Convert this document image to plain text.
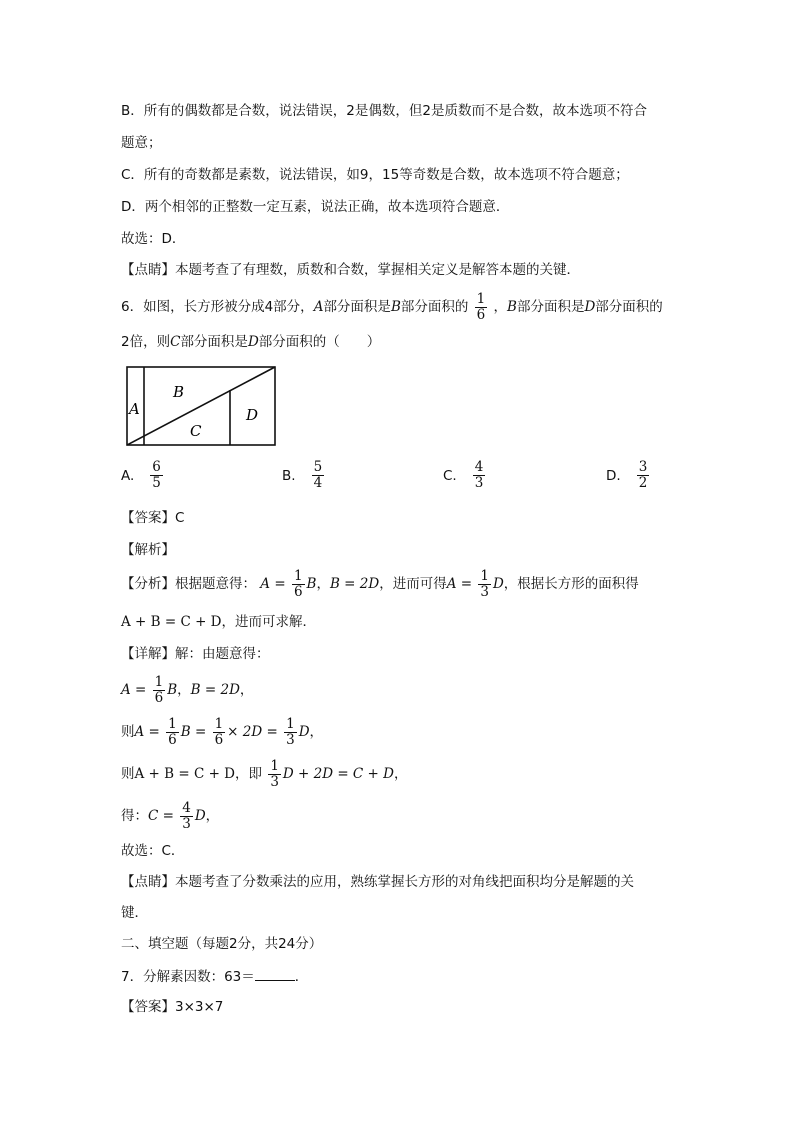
B．所有的偶数都是合数，说法错误，2是偶数，但2是质数而不是合数，故本选项不符合
题意；
C．所有的奇数都是素数，说法错误，如9，15等奇数是合数，故本选项不符合题意；
D．两个相邻的正整数一定互素，说法正确，故本选项符合题意．
故选：D．
【点睛】本题考查了有理数，质数和合数，掌握相关定义是解答本题的关键．
6．如图，长方形被分成4部分，A部分面积是B部分面积的 $\frac{1}{6}$ ，B部分面积是D部分面积的
2倍，则C部分面积是D部分面积的（　　）
A
B
C
D
A.
6
5	B.
5
4	C.
4
3	D.
3
2
【答案】C
【解析】
【分析】根据题意得： $A = \frac{1}{6}$ B，B = 2D，进而可得$A = \frac{1}{3}$ D，根据长方形的面积得
A + B = C + D，进而可求解．
【详解】解：由题意得：
$A = \frac{1}{6}$ B，B = 2D，
则$A = \frac{1}{6}$ $B = \frac{1}{6} \times 2D = \frac{1}{3}$ D，
则A + B = C + D，即 $\frac{1}{3}$ D + 2D = C + D，
得：$C = \frac{4}{3}$ D，
故选：C．
【点睛】本题考查了分数乘法的应用，熟练掌握长方形的对角线把面积均分是解题的关
键．
二、填空题（每题2分，共24分）
7．分解素因数：63＝	．
【答案】3×3×7
